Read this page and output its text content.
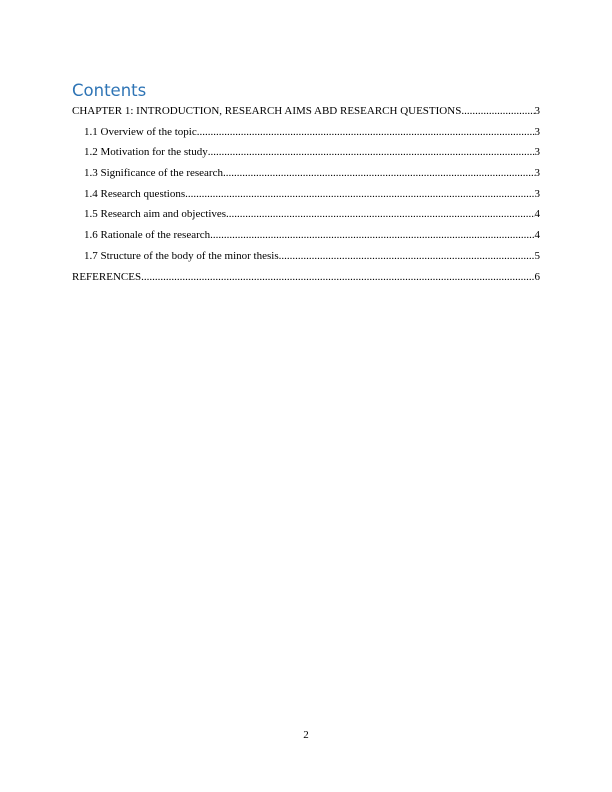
Contents
CHAPTER 1: INTRODUCTION, RESEARCH AIMS ABD RESEARCH QUESTIONS .....	3
1.1 Overview of the topic .....	3
1.2 Motivation for the study .....	3
1.3 Significance of the research .....	3
1.4 Research questions .....	3
1.5 Research aim and objectives .....	4
1.6 Rationale of the research .....	4
1.7 Structure of the body of the minor thesis .....	5
REFERENCES .....	6
2
